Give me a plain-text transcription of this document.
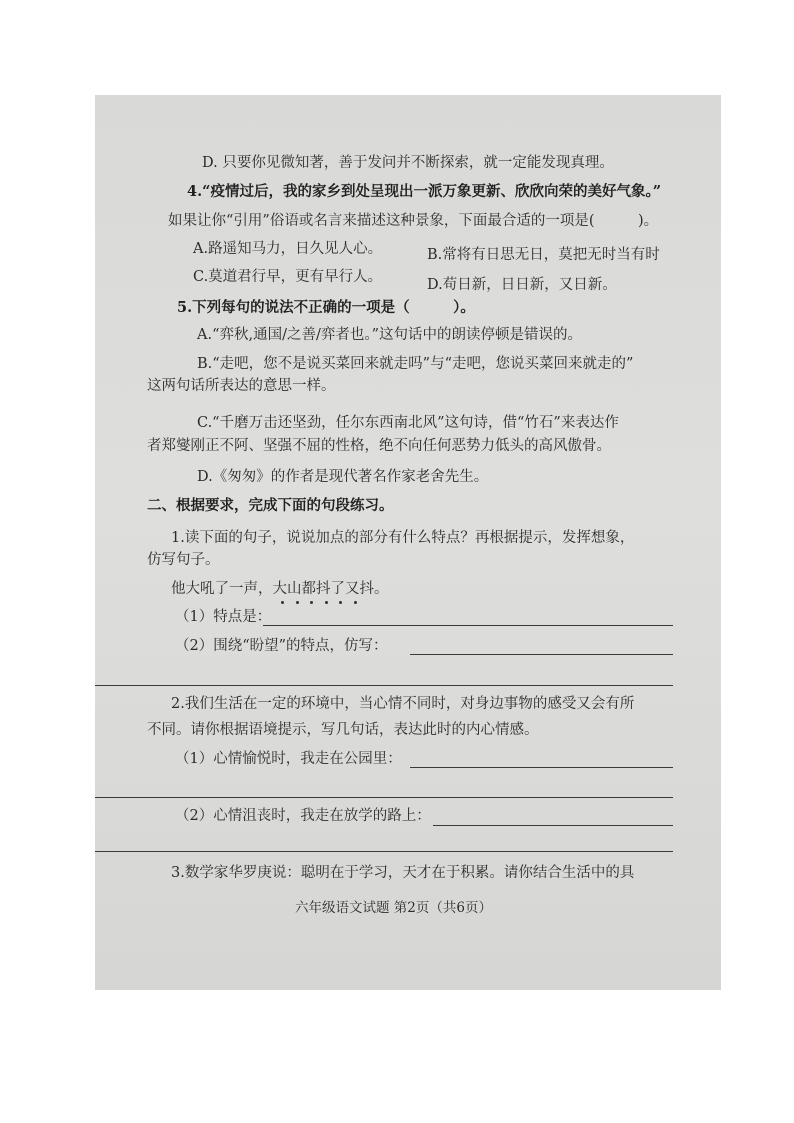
D. 只要你见微知著，善于发问并不断探索，就一定能发现真理。
4.“疫情过后，我的家乡到处呈现出一派万象更新、欣欣向荣的美好气象。”
如果让你“引用”俗语或名言来描述这种景象，下面最合适的一项是(　　　)。
A.路遥知马力，日久见人心。	B.常将有日思无日，莫把无时当有时
C.莫道君行早，更有早行人。	D.苟日新，日日新，又日新。
5.下列每句的说法不正确的一项是（　　　）。
A.“弈秋,通国/之善/弈者也。”这句话中的朗读停顿是错误的。
B.“走吧，您不是说买菜回来就走吗”与“走吧，您说买菜回来就走的”
这两句话所表达的意思一样。
C.“千磨万击还坚劲，任尔东西南北风”这句诗，借“竹石”来表达作
者郑燮刚正不阿、坚强不屈的性格，绝不向任何恶势力低头的高风傲骨。
D.《匆匆》的作者是现代著名作家老舍先生。
二、根据要求，完成下面的句段练习。
1.读下面的句子，说说加点的部分有什么特点？再根据提示，发挥想象，
仿写句子。
他大吼了一声，大山都抖了又抖。
（1）特点是：
（2）围绕“盼望”的特点，仿写：
2.我们生活在一定的环境中，当心情不同时，对身边事物的感受又会有所
不同。请你根据语境提示，写几句话，表达此时的内心情感。
（1）心情愉悦时，我走在公园里：
（2）心情沮丧时，我走在放学的路上：
3.数学家华罗庚说：聪明在于学习，天才在于积累。请你结合生活中的具
六年级语文试题 第2页（共6页）
